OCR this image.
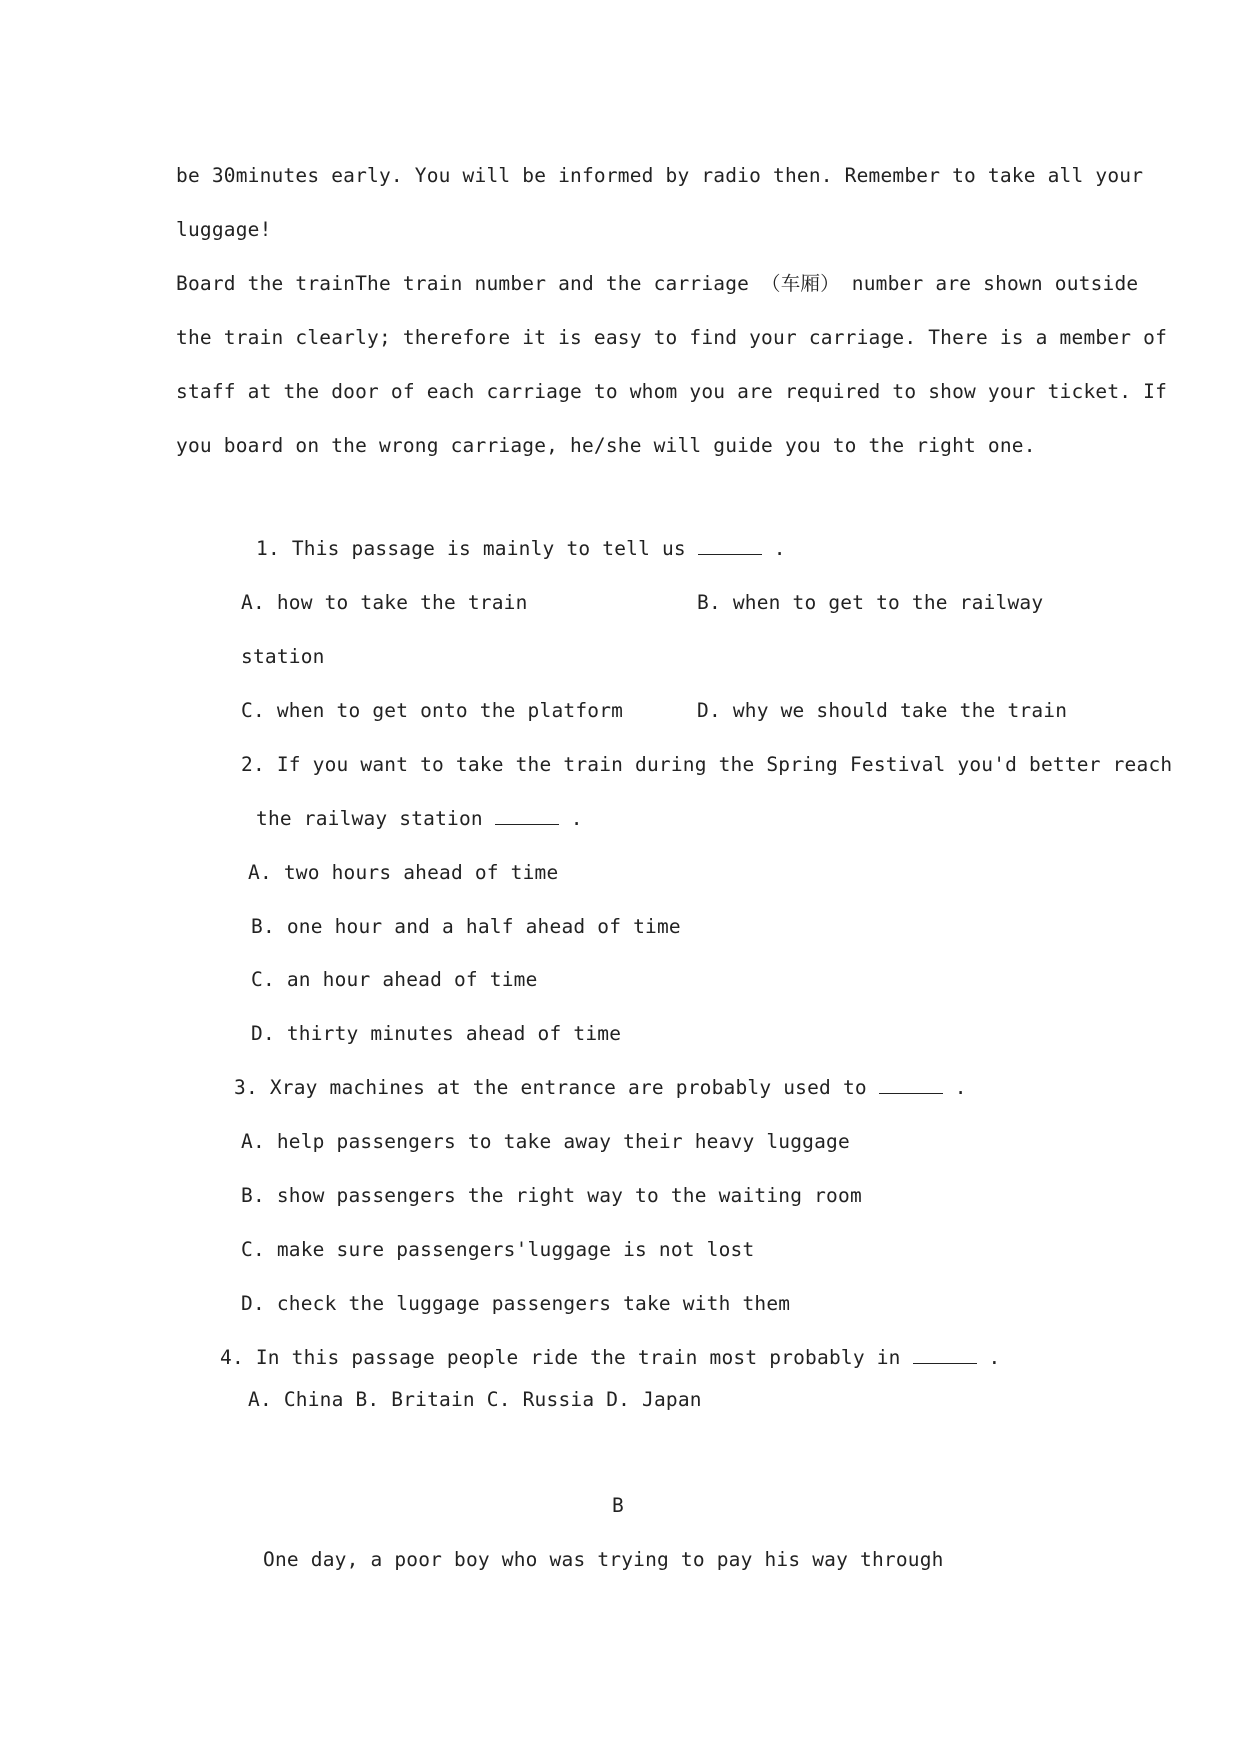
be 30minutes early. You will be informed by radio then. Remember to take all your
luggage!
Board the trainThe train number and the carriage （车厢） number are shown outside
the train clearly; therefore it is easy to find your carriage. There is a member of
staff at the door of each carriage to whom you are required to show your ticket. If
you board on the wrong carriage, he/she will guide you to the right one.
1. This passage is mainly to tell us	.
A. how to take the train	B. when to get to the railway
station
C. when to get onto the platform	D. why we should take the train
2. If you want to take the train during the Spring Festival you'd better reach
the railway station	.
A. two hours ahead of time
B. one hour and a half ahead of time
C. an hour ahead of time
D. thirty minutes ahead of time
3. Xray machines at the entrance are probably used to	.
A. help passengers to take away their heavy luggage
B. show passengers the right way to the waiting room
C. make sure passengers'luggage is not lost
D. check the luggage passengers take with them
4. In this passage people ride the train most probably in	.
A. China B. Britain C. Russia D. Japan
B
One day, a poor boy who was trying to pay his way through
